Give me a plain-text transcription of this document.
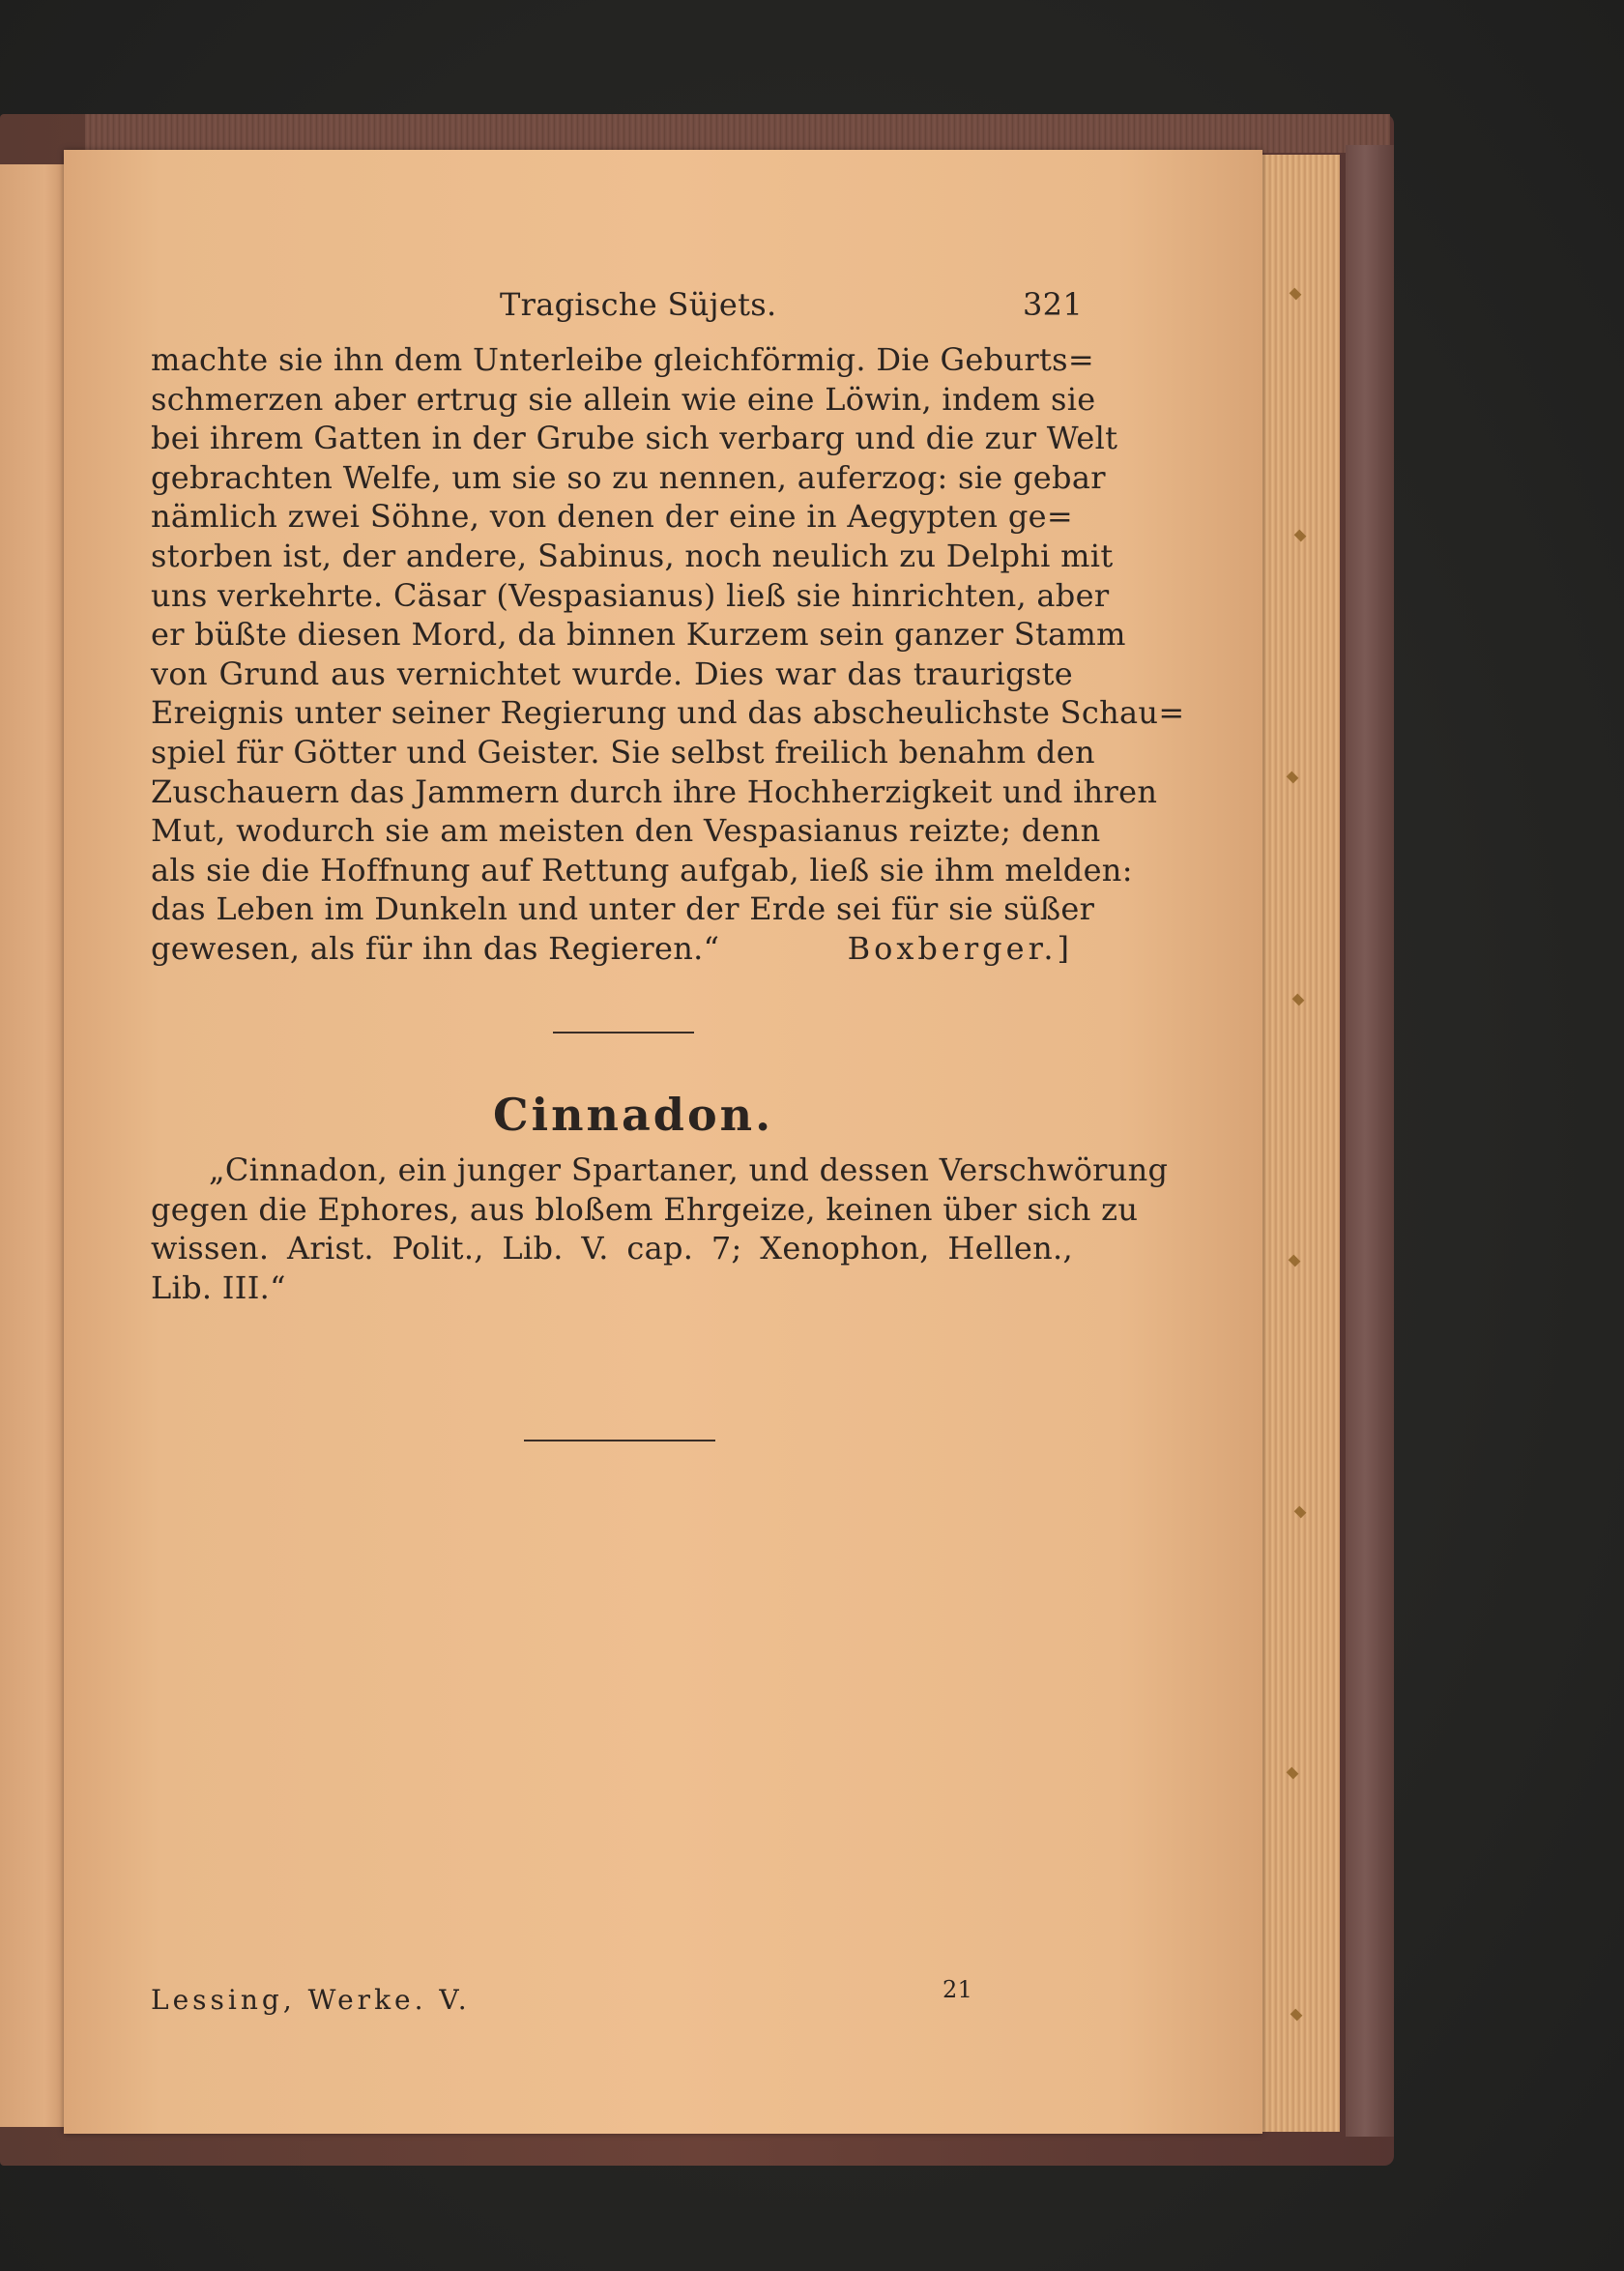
Tragische Süjets.	321
machte sie ihn dem Unterleibe gleichförmig. Die Geburts=
schmerzen aber ertrug sie allein wie eine Löwin, indem sie
bei ihrem Gatten in der Grube sich verbarg und die zur Welt
gebrachten Welfe, um sie so zu nennen, auferzog: sie gebar
nämlich zwei Söhne, von denen der eine in Aegypten ge=
storben ist, der andere, Sabinus, noch neulich zu Delphi mit
uns verkehrte. Cäsar (Vespasianus) ließ sie hinrichten, aber
er büßte diesen Mord, da binnen Kurzem sein ganzer Stamm
von Grund aus vernichtet wurde. Dies war das traurigste
Ereignis unter seiner Regierung und das abscheulichste Schau=
spiel für Götter und Geister. Sie selbst freilich benahm den
Zuschauern das Jammern durch ihre Hochherzigkeit und ihren
Mut, wodurch sie am meisten den Vespasianus reizte; denn
als sie die Hoffnung auf Rettung aufgab, ließ sie ihm melden:
das Leben im Dunkeln und unter der Erde sei für sie süßer
gewesen, als für ihn das Regieren.“	Boxberger.]
Cinnadon.
„Cinnadon, ein junger Spartaner, und dessen Verschwörung
gegen die Ephores, aus bloßem Ehrgeize, keinen über sich zu
wissen. Arist. Polit., Lib. V. cap. 7; Xenophon, Hellen.,
Lib. III.“
Lessing, Werke. V.	21
